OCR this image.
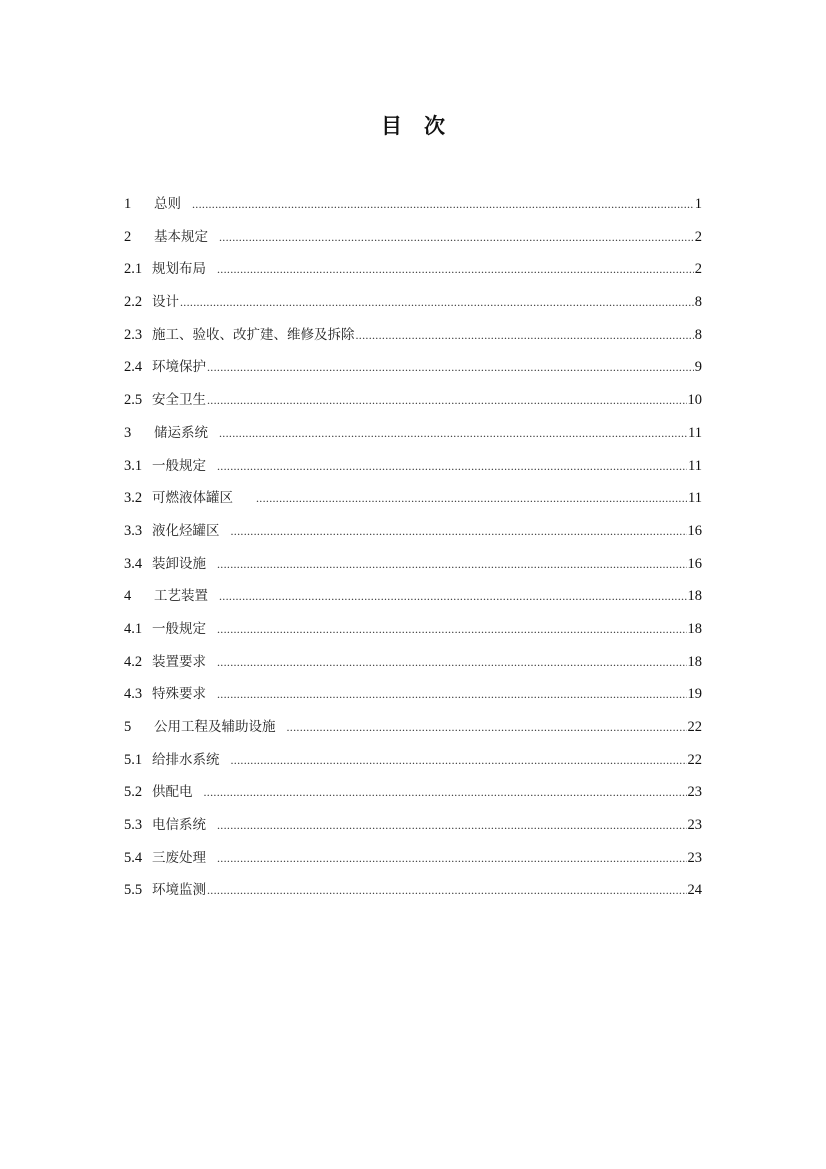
目 次
1	总则 .....	1
2	基本规定 .....	2
2.1 规划布局 .....	2
2.2 设计 .....	8
2.3 施工、验收、改扩建、维修及拆除 .....	8
2.4 环境保护 .....	9
2.5 安全卫生 .....	10
3	储运系统 .....	11
3.1 一般规定 .....	11
3.2 可燃液体罐区 .....	11
3.3 液化烃罐区 .....	16
3.4 装卸设施 .....	16
4	工艺装置 .....	18
4.1 一般规定 .....	18
4.2 装置要求 .....	18
4.3 特殊要求 .....	19
5	公用工程及辅助设施 .....	22
5.1 给排水系统 .....	22
5.2 供配电 .....	23
5.3 电信系统 .....	23
5.4 三废处理 .....	23
5.5 环境监测 .....	24
